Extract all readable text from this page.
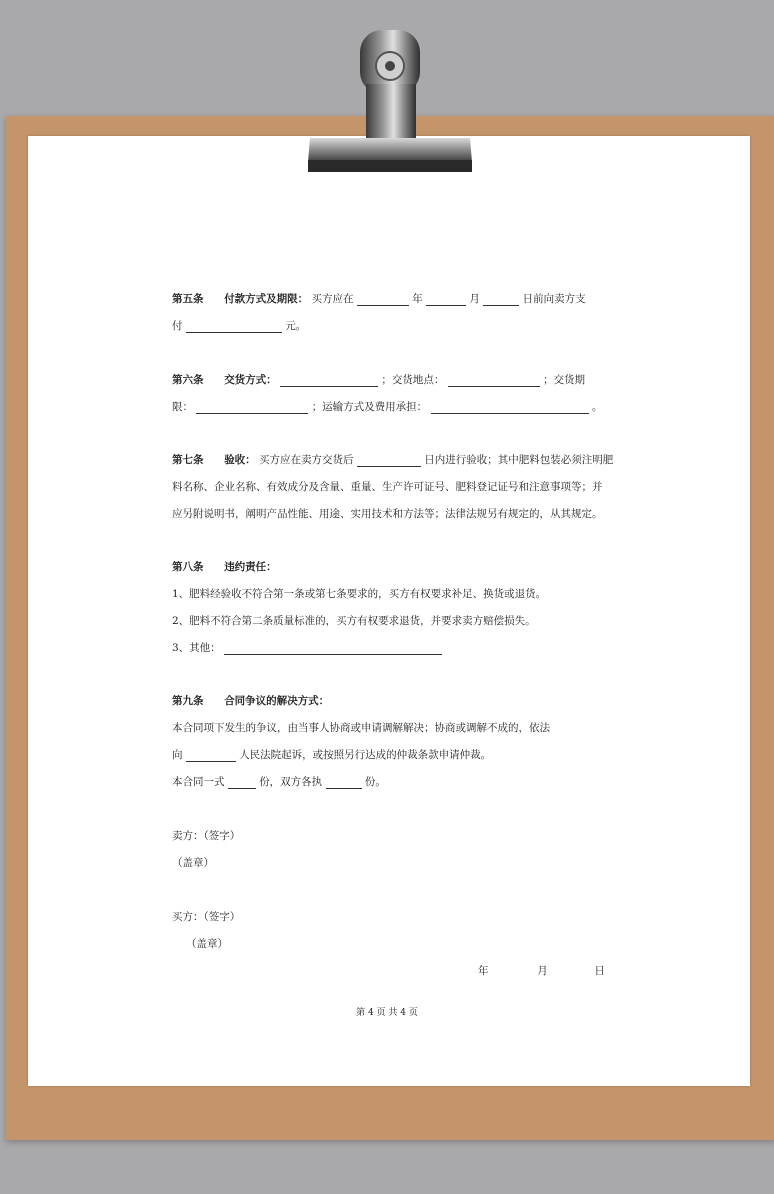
第五条 付款方式及期限： 买方应在	年	月	日前向卖方支
付	元。
第六条 交货方式：	；交货地点：	；交货期
限：	；运输方式及费用承担：	。
第七条 验收： 买方应在卖方交货后	日内进行验收；其中肥料包装必须注明肥
料名称、企业名称、有效成分及含量、重量、生产许可证号、肥料登记证号和注意事项等；并
应另附说明书，阐明产品性能、用途、实用技术和方法等；法律法规另有规定的，从其规定。
第八条 违约责任：
1、肥料经验收不符合第一条或第七条要求的，买方有权要求补足、换货或退货。
2、肥料不符合第二条质量标准的，买方有权要求退货，并要求卖方赔偿损失。
3、其他：
第九条 合同争议的解决方式：
本合同项下发生的争议，由当事人协商或申请调解解决；协商或调解不成的，依法
向	人民法院起诉，或按照另行达成的仲裁条款申请仲裁。
本合同一式	份，双方各执	份。
卖方：（签字）
（盖章）
买方：（签字）
（盖章）
年	月	日
第 4 页 共 4 页
